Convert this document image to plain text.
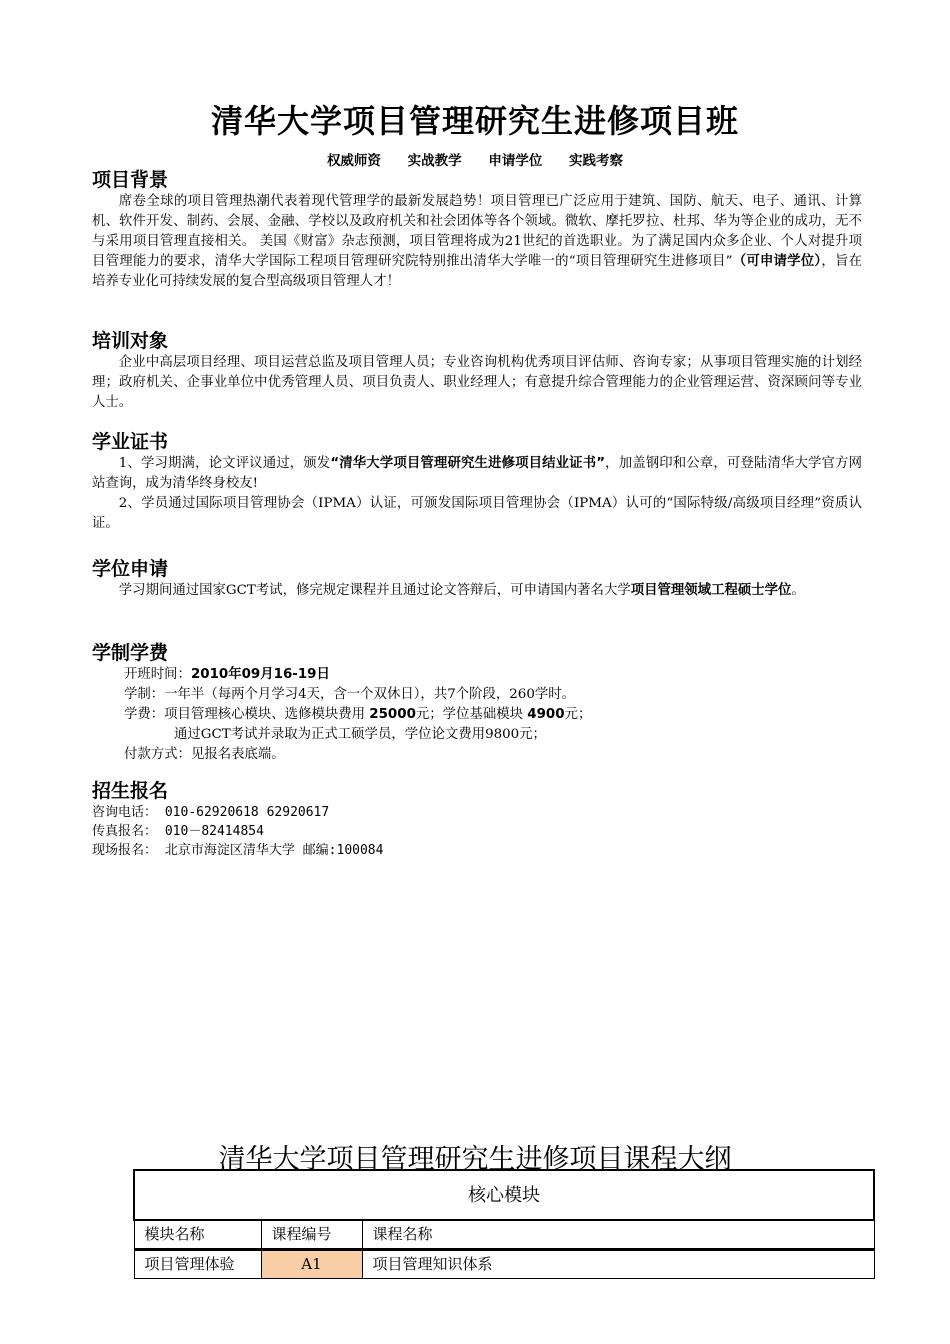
清华大学项目管理研究生进修项目班
权威师资 实战教学 申请学位 实践考察
项目背景

席卷全球的项目管理热潮代表着现代管理学的最新发展趋势！项目管理已广泛应用于建筑、国防、航天、电子、通讯、计算机、软件开发、制药、会展、金融、学校以及政府机关和社会团体等各个领域。微软、摩托罗拉、杜邦、华为等企业的成功，无不与采用项目管理直接相关。 美国《财富》杂志预测，项目管理将成为21世纪的首选职业。为了满足国内众多企业、个人对提升项目管理能力的要求，清华大学国际工程项目管理研究院特别推出清华大学唯一的“项目管理研究生进修项目”（可申请学位），旨在培养专业化可持续发展的复合型高级项目管理人才！

培训对象

企业中高层项目经理、项目运营总监及项目管理人员；专业咨询机构优秀项目评估师、咨询专家；从事项目管理实施的计划经理；政府机关、企事业单位中优秀管理人员、项目负责人、职业经理人；有意提升综合管理能力的企业管理运营、资深顾问等专业人士。

学业证书

1、学习期满，论文评议通过，颁发“清华大学项目管理研究生进修项目结业证书”，加盖钢印和公章，可登陆清华大学官方网站查询，成为清华终身校友!

2、学员通过国际项目管理协会（IPMA）认证，可颁发国际项目管理协会（IPMA）认可的“国际特级/高级项目经理”资质认证。

学位申请

学习期间通过国家GCT考试，修完规定课程并且通过论文答辩后，可申请国内著名大学项目管理领域工程硕士学位。

学制学费
开班时间：2010年09月16-19日
学制：一年半（每两个月学习4天，含一个双休日），共7个阶段，260学时。
学费：项目管理核心模块、选修模块费用 25000元；学位基础模块 4900元；
通过GCT考试并录取为正式工硕学员，学位论文费用9800元；
付款方式：见报名表底端。
招生报名
咨询电话： 010-62920618 62920617
传真报名： 010－82414854
现场报名： 北京市海淀区清华大学 邮编:100084
清华大学项目管理研究生进修项目课程大纲
核心模块		
模块名称	课程编号	课程名称
项目管理体验	A1	项目管理知识体系
